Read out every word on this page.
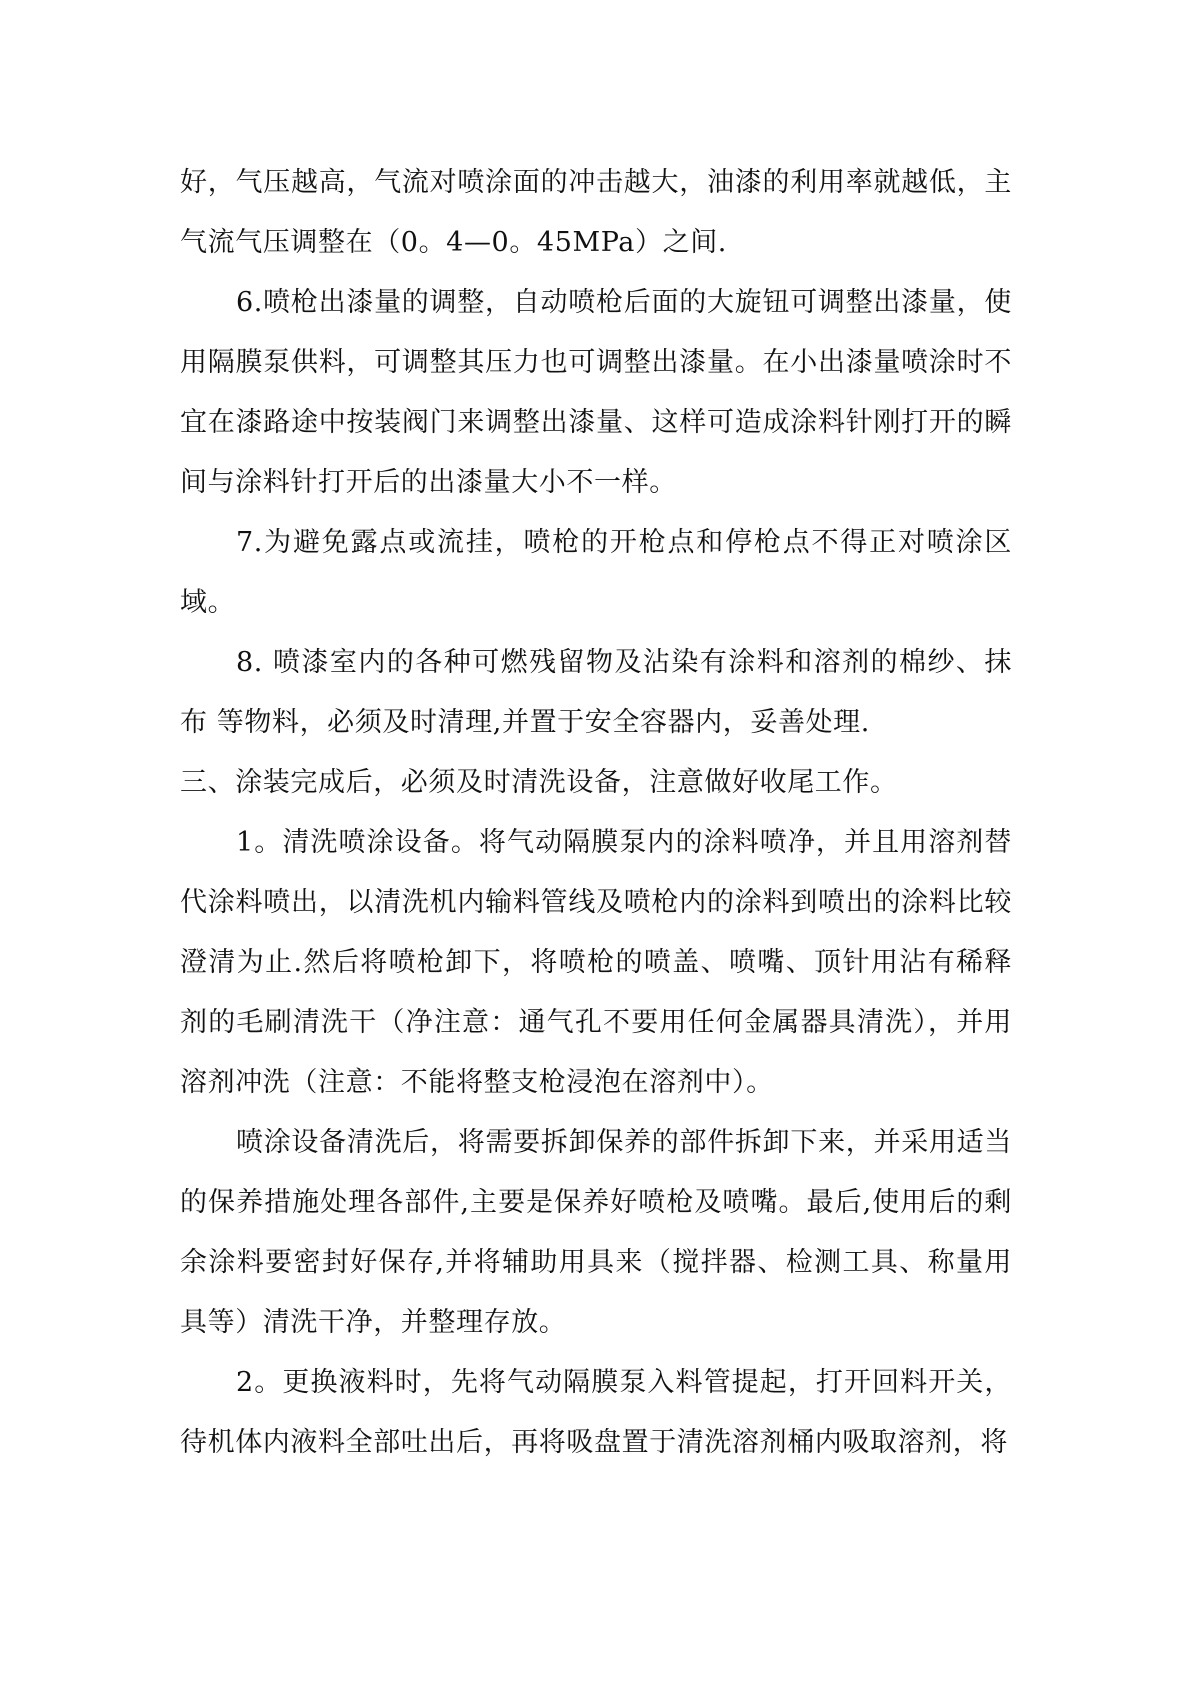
好，气压越高，气流对喷涂面的冲击越大，油漆的利用率就越低，主气流气压调整在（0。4—0。45MPa）之间.

6.喷枪出漆量的调整，自动喷枪后面的大旋钮可调整出漆量，使用隔膜泵供料，可调整其压力也可调整出漆量。在小出漆量喷涂时不宜在漆路途中按装阀门来调整出漆量、这样可造成涂料针刚打开的瞬间与涂料针打开后的出漆量大小不一样。

7.为避免露点或流挂，喷枪的开枪点和停枪点不得正对喷涂区域。

8. 喷漆室内的各种可燃残留物及沾染有涂料和溶剂的棉纱、抹布 等物料，必须及时清理,并置于安全容器内，妥善处理.

三、涂装完成后，必须及时清洗设备，注意做好收尾工作。

1。清洗喷涂设备。将气动隔膜泵内的涂料喷净，并且用溶剂替代涂料喷出，以清洗机内输料管线及喷枪内的涂料到喷出的涂料比较澄清为止.然后将喷枪卸下，将喷枪的喷盖、喷嘴、顶针用沾有稀释剂的毛刷清洗干（净注意：通气孔不要用任何金属器具清洗），并用溶剂冲洗（注意：不能将整支枪浸泡在溶剂中）。

喷涂设备清洗后，将需要拆卸保养的部件拆卸下来，并采用适当的保养措施处理各部件,主要是保养好喷枪及喷嘴。最后,使用后的剩余涂料要密封好保存,并将辅助用具来（搅拌器、检测工具、称量用具等）清洗干净，并整理存放。

2。更换液料时，先将气动隔膜泵入料管提起，打开回料开关，待机体内液料全部吐出后，再将吸盘置于清洗溶剂桶内吸取溶剂，将
